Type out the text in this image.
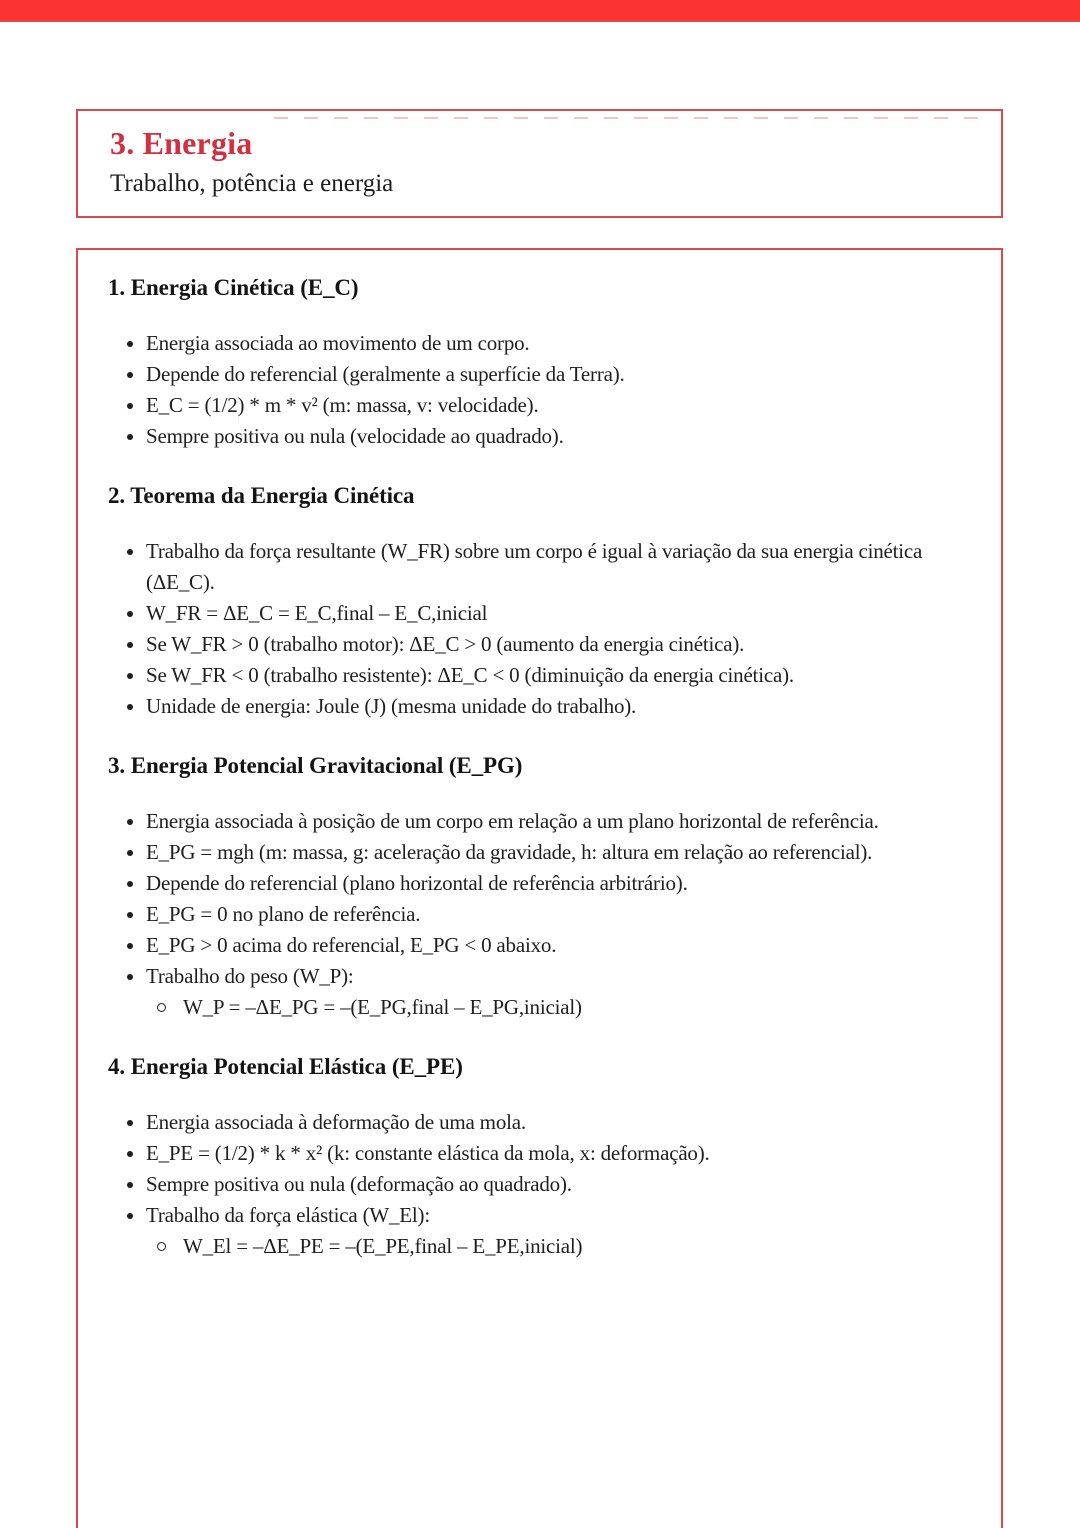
3. Energia

Trabalho, potência e energia

1. Energia Cinética (E_C)
Energia associada ao movimento de um corpo.
Depende do referencial (geralmente a superfície da Terra).
E_C = (1/2) * m * v² (m: massa, v: velocidade).
Sempre positiva ou nula (velocidade ao quadrado).
2. Teorema da Energia Cinética
Trabalho da força resultante (W_FR) sobre um corpo é igual à variação da sua energia cinética (ΔE_C).
W_FR = ΔE_C = E_C,final – E_C,inicial
Se W_FR > 0 (trabalho motor): ΔE_C > 0 (aumento da energia cinética).
Se W_FR < 0 (trabalho resistente): ΔE_C < 0 (diminuição da energia cinética).
Unidade de energia: Joule (J) (mesma unidade do trabalho).
3. Energia Potencial Gravitacional (E_PG)
Energia associada à posição de um corpo em relação a um plano horizontal de referência.
E_PG = mgh (m: massa, g: aceleração da gravidade, h: altura em relação ao referencial).
Depende do referencial (plano horizontal de referência arbitrário).
E_PG = 0 no plano de referência.
E_PG > 0 acima do referencial, E_PG < 0 abaixo.
Trabalho do peso (W_P):
W_P = –ΔE_PG = –(E_PG,final – E_PG,inicial)
4. Energia Potencial Elástica (E_PE)
Energia associada à deformação de uma mola.
E_PE = (1/2) * k * x² (k: constante elástica da mola, x: deformação).
Sempre positiva ou nula (deformação ao quadrado).
Trabalho da força elástica (W_El):
W_El = –ΔE_PE = –(E_PE,final – E_PE,inicial)
